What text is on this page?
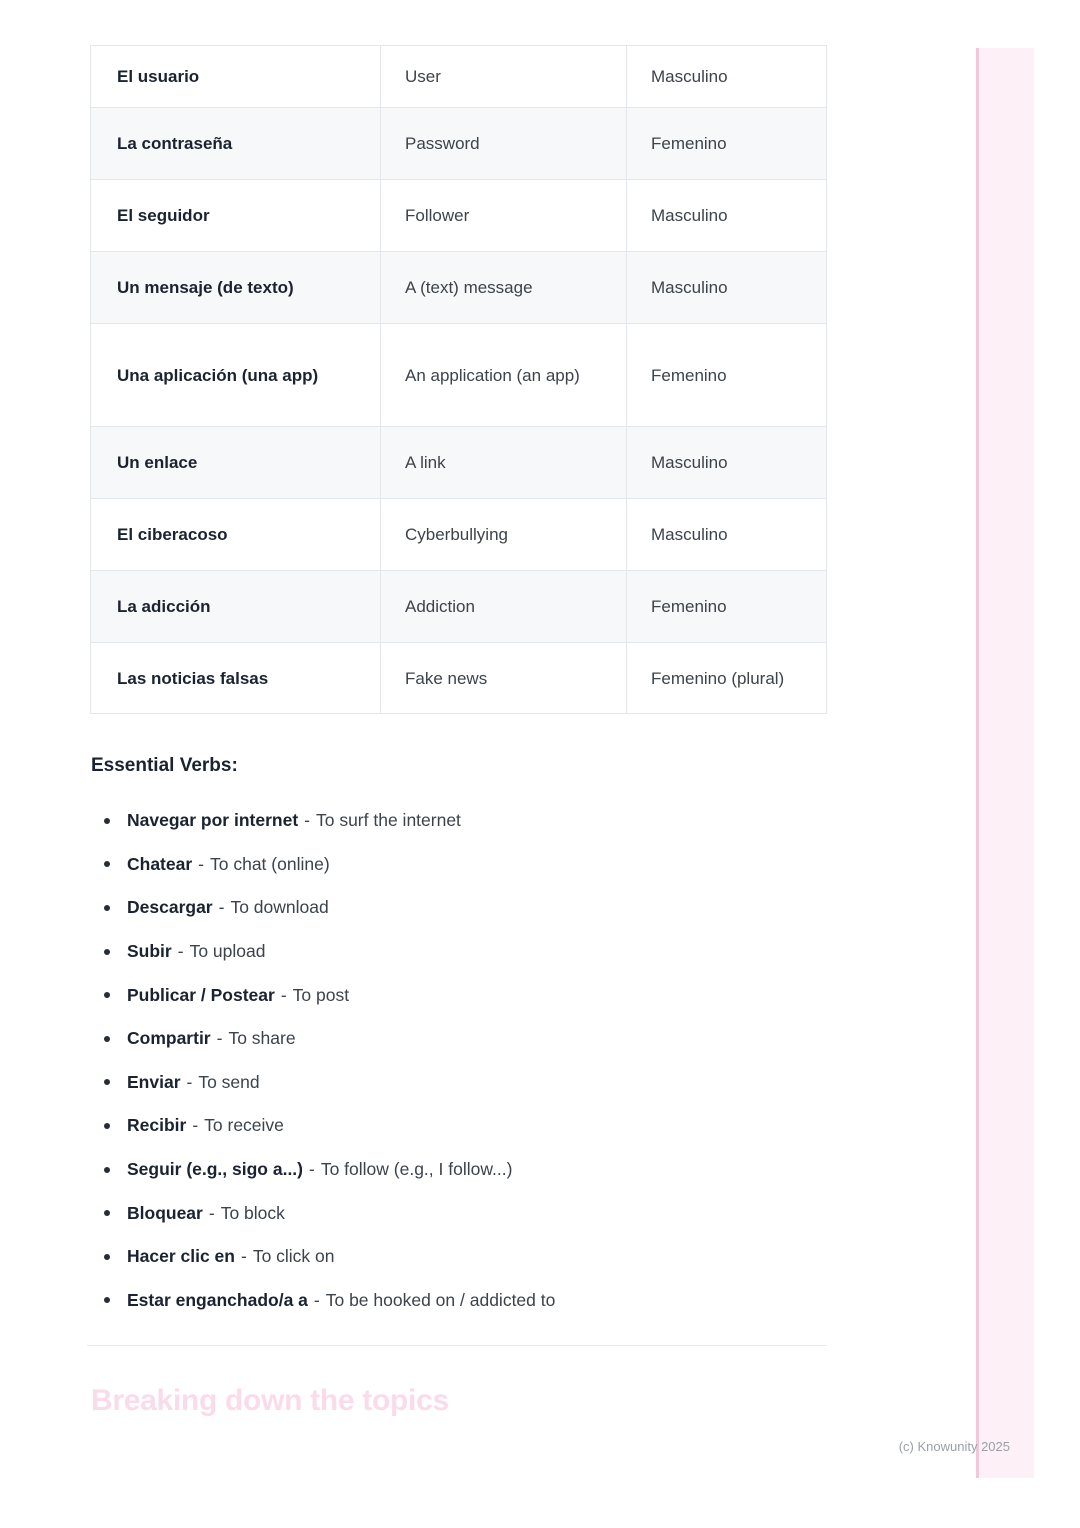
El usuario	User	Masculino
La contraseña	Password	Femenino
El seguidor	Follower	Masculino
Un mensaje (de texto)	A (text) message	Masculino
Una aplicación (una app)	An application (an app)	Femenino
Un enlace	A link	Masculino
El ciberacoso	Cyberbullying	Masculino
La adicción	Addiction	Femenino
Las noticias falsas	Fake news	Femenino (plural)
Essential Verbs:
Navegar por internet - To surf the internet
Chatear - To chat (online)
Descargar - To download
Subir - To upload
Publicar / Postear - To post
Compartir - To share
Enviar - To send
Recibir - To receive
Seguir (e.g., sigo a...) - To follow (e.g., I follow...)
Bloquear - To block
Hacer clic en - To click on
Estar enganchado/a a - To be hooked on / addicted to
Breaking down the topics
(c) Knowunity 2025
